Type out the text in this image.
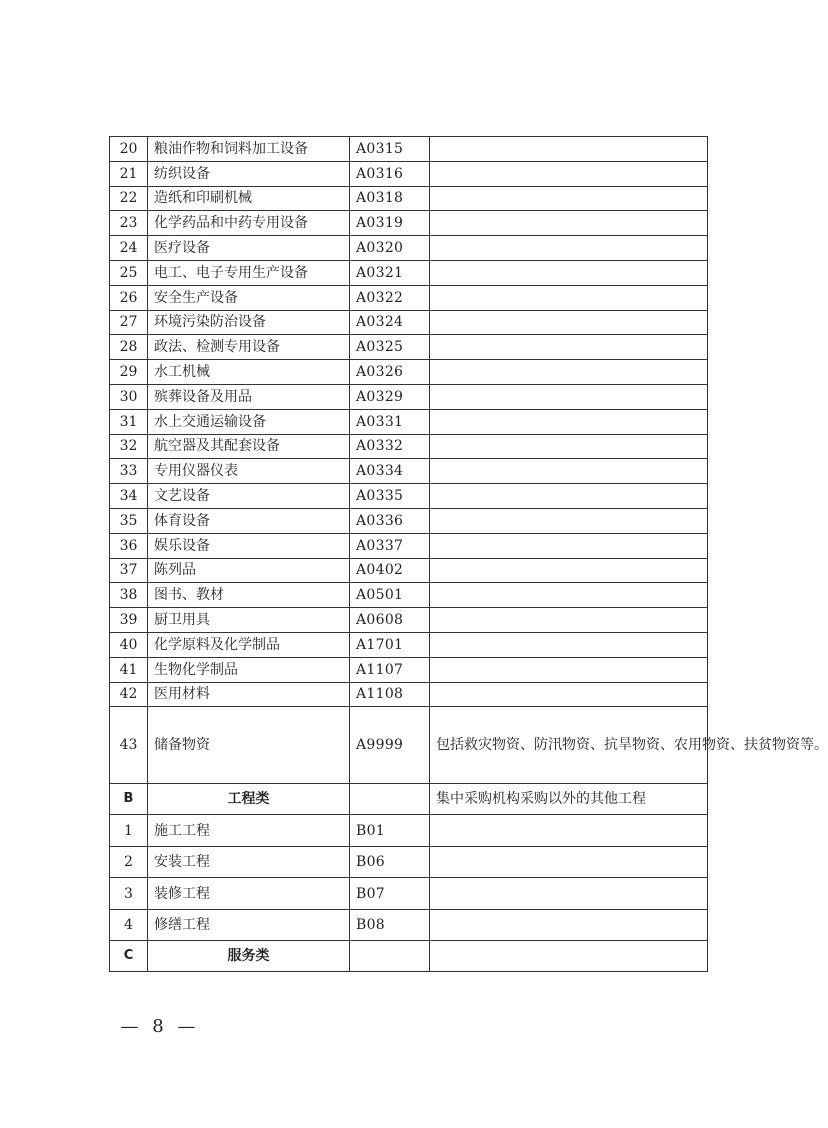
20	粮油作物和饲料加工设备	A0315	
21	纺织设备	A0316	
22	造纸和印刷机械	A0318	
23	化学药品和中药专用设备	A0319	
24	医疗设备	A0320	
25	电工、电子专用生产设备	A0321	
26	安全生产设备	A0322	
27	环境污染防治设备	A0324	
28	政法、检测专用设备	A0325	
29	水工机械	A0326	
30	殡葬设备及用品	A0329	
31	水上交通运输设备	A0331	
32	航空器及其配套设备	A0332	
33	专用仪器仪表	A0334	
34	文艺设备	A0335	
35	体育设备	A0336	
36	娱乐设备	A0337	
37	陈列品	A0402	
38	图书、教材	A0501	
39	厨卫用具	A0608	
40	化学原料及化学制品	A1701	
41	生物化学制品	A1107	
42	医用材料	A1108	
43	储备物资	A9999	包括救灾物资、防汛物资、抗旱物资、农用物资、扶贫物资等。
B	工程类		集中采购机构采购以外的其他工程
1	施工工程	B01	
2	安装工程	B06	
3	装修工程	B07	
4	修缮工程	B08	
C	服务类		
— 8 —
